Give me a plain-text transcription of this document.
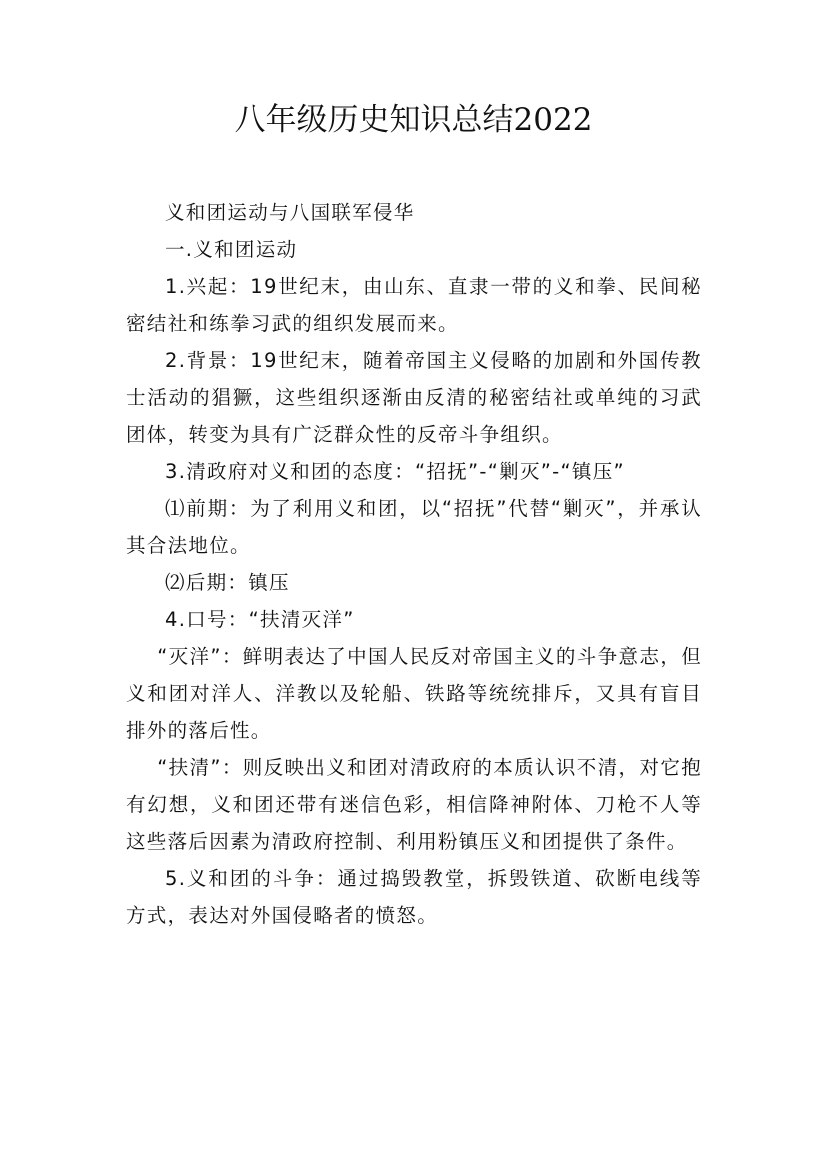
八年级历史知识总结2022

义和团运动与八国联军侵华

一.义和团运动

1.兴起：19世纪末，由山东、直隶一带的义和拳、民间秘密结社和练拳习武的组织发展而来。

2.背景：19世纪末，随着帝国主义侵略的加剧和外国传教士活动的猖獗，这些组织逐渐由反清的秘密结社或单纯的习武团体，转变为具有广泛群众性的反帝斗争组织。

3.清政府对义和团的态度：“招抚”-“剿灭”-“镇压”

⑴前期：为了利用义和团，以“招抚”代替“剿灭”，并承认其合法地位。

⑵后期：镇压

4.口号：“扶清灭洋”

“灭洋”：鲜明表达了中国人民反对帝国主义的斗争意志，但义和团对洋人、洋教以及轮船、铁路等统统排斥，又具有盲目排外的落后性。

“扶清”：则反映出义和团对清政府的本质认识不清，对它抱有幻想，义和团还带有迷信色彩，相信降神附体、刀枪不人等这些落后因素为清政府控制、利用粉镇压义和团提供了条件。

5.义和团的斗争：通过捣毁教堂，拆毁铁道、砍断电线等方式，表达对外国侵略者的愤怒。
